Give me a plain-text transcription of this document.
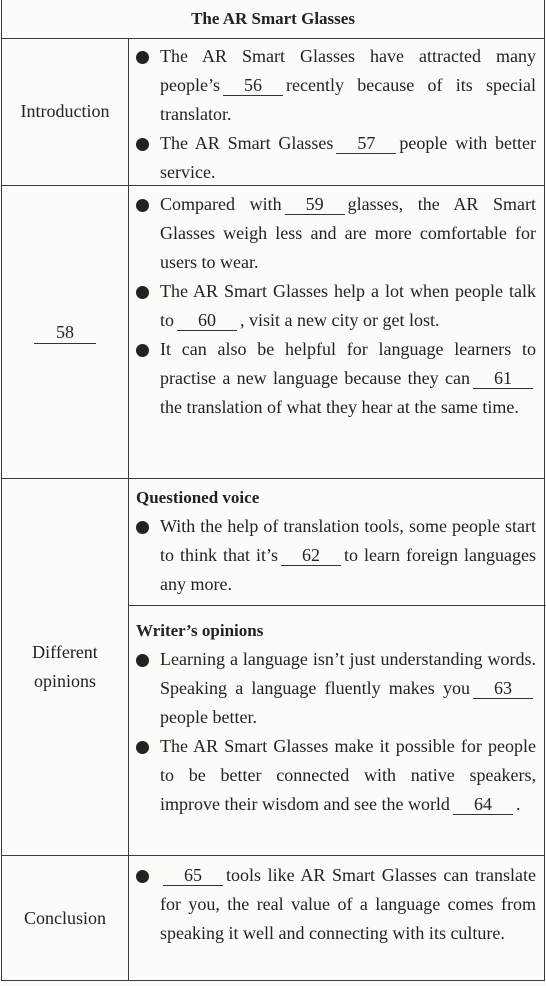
The AR Smart Glasses
Introduction
The AR Smart Glasses have attracted many people’s 56 recently because of its special translator.
The AR Smart Glasses 57 people with better service.
58
Compared with 59 glasses, the AR Smart Glasses weigh less and are more comfortable for users to wear.
The AR Smart Glasses help a lot when people talk to 60 , visit a new city or get lost.
It can also be helpful for language learners to practise a new language because they can 61the translation of what they hear at the same time.
Different opinions
Questioned voice
With the help of translation tools, some people start to think that it’s 62 to learn foreign languages any more.
Writer’s opinions
Learning a language isn’t just understanding words. Speaking a language fluently makes you 63people better.
The AR Smart Glasses make it possible for people to be better connected with native speakers, improve their wisdom and see the world 64 .
Conclusion
65 tools like AR Smart Glasses can translate for you, the real value of a language comes from speaking it well and connecting with its culture.
